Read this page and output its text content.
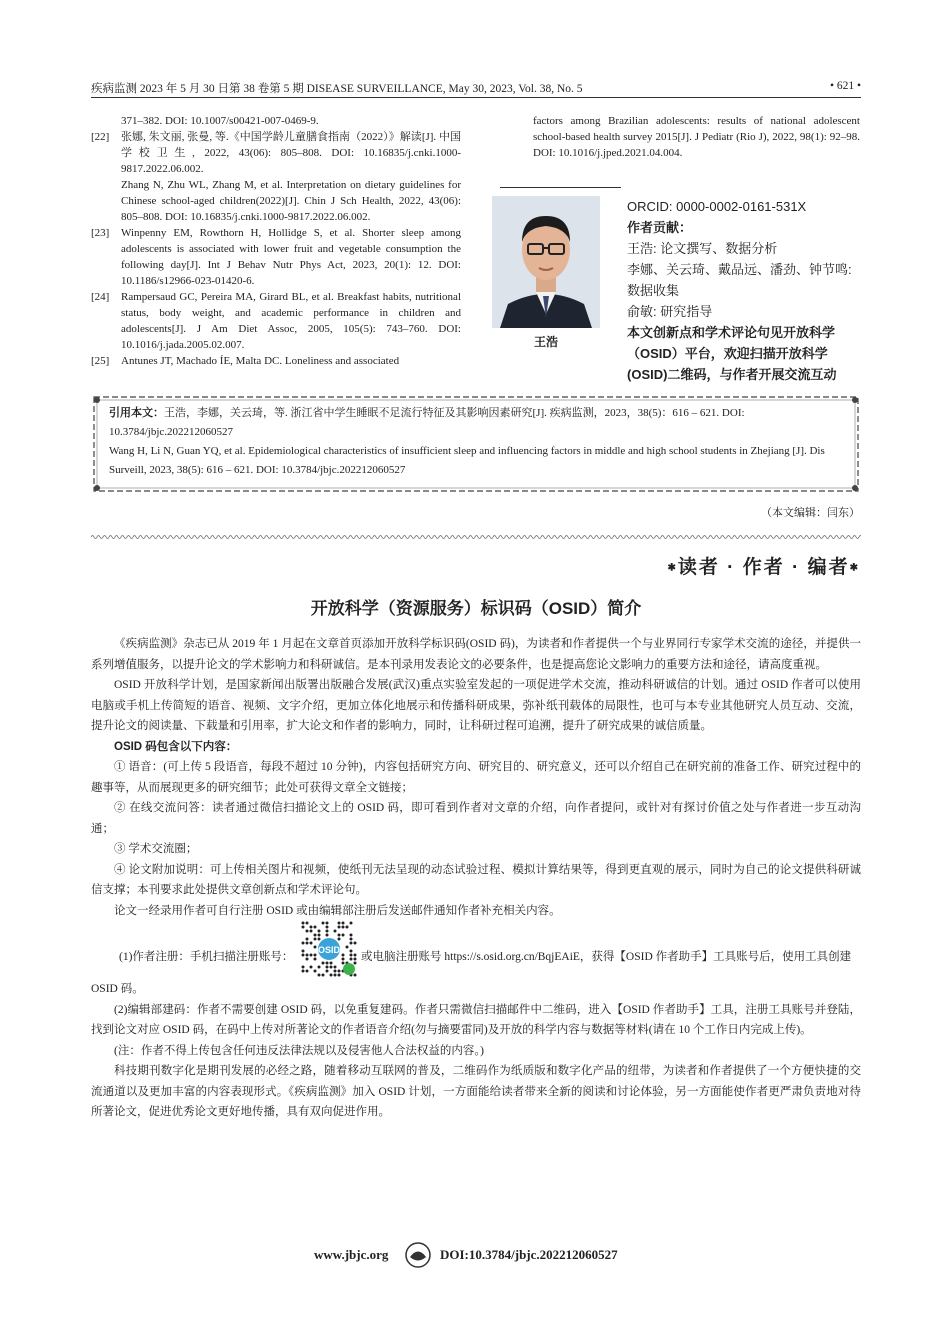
疾病监测 2023 年 5 月 30 日第 38 卷第 5 期 DISEASE SURVEILLANCE, May 30, 2023, Vol. 38, No. 5	• 621 •

371–382. DOI: 10.1007/s00421-007-0469-9.

[22] 张娜, 朱文丽, 张曼, 等.《中国学龄儿童膳食指南（2022）》解读[J]. 中国学校卫生, 2022, 43(06): 805–808. DOI: 10.16835/j.cnki.1000-9817.2022.06.002.

Zhang N, Zhu WL, Zhang M, et al. Interpretation on dietary guidelines for Chinese school-aged children(2022)[J]. Chin J Sch Health, 2022, 43(06): 805–808. DOI: 10.16835/j.cnki.1000-9817.2022.06.002.

[23] Winpenny EM, Rowthorn H, Hollidge S, et al. Shorter sleep among adolescents is associated with lower fruit and vegetable consumption the following day[J]. Int J Behav Nutr Phys Act, 2023, 20(1): 12. DOI: 10.1186/s12966-023-01420-6.

[24] Rampersaud GC, Pereira MA, Girard BL, et al. Breakfast habits, nutritional status, body weight, and academic performance in children and adolescents[J]. J Am Diet Assoc, 2005, 105(5): 743–760. DOI: 10.1016/j.jada.2005.02.007.

[25] Antunes JT, Machado ÍE, Malta DC. Loneliness and associated

factors among Brazilian adolescents: results of national adolescent school-based health survey 2015[J]. J Pediatr (Rio J), 2022, 98(1): 92–98. DOI: 10.1016/j.jped.2021.04.004.

王浩
ORCID: 0000-0002-0161-531X
作者贡献：
王浩: 论文撰写、数据分析
李娜、关云琦、戴品远、潘劲、钟节鸣: 数据收集
俞敏: 研究指导
本文创新点和学术评论句见开放科学（OSID）平台，欢迎扫描开放科学(OSID)二维码，与作者开展交流互动
引用本文：王浩，李娜，关云琦，等. 浙江省中学生睡眠不足流行特征及其影响因素研究[J]. 疾病监测，2023，38(5)：616 – 621. DOI: 10.3784/jbjc.202212060527
Wang H, Li N, Guan YQ, et al. Epidemiological characteristics of insufficient sleep and influencing factors in middle and high school students in Zhejiang [J]. Dis Surveill, 2023, 38(5): 616 – 621. DOI: 10.3784/jbjc.202212060527
（本文编辑：闫东）
✱读者 · 作者 · 编者✱
开放科学（资源服务）标识码（OSID）简介

《疾病监测》杂志已从 2019 年 1 月起在文章首页添加开放科学标识码(OSID 码)，为读者和作者提供一个与业界同行专家学术交流的途径，并提供一系列增值服务，以提升论文的学术影响力和科研诚信。是本刊录用发表论文的必要条件，也是提高您论文影响力的重要方法和途径，请高度重视。

OSID 开放科学计划，是国家新闻出版署出版融合发展(武汉)重点实验室发起的一项促进学术交流，推动科研诚信的计划。通过 OSID 作者可以使用电脑或手机上传简短的语音、视频、文字介绍，更加立体化地展示和传播科研成果，弥补纸刊载体的局限性，也可与本专业其他研究人员互动、交流，提升论文的阅读量、下载量和引用率，扩大论文和作者的影响力，同时，让科研过程可追溯，提升了研究成果的诚信质量。

OSID 码包含以下内容：

① 语音：(可上传 5 段语音，每段不超过 10 分钟)，内容包括研究方向、研究目的、研究意义，还可以介绍自己在研究前的准备工作、研究过程中的趣事等，从而展现更多的研究细节；此处可获得文章全文链接；

② 在线交流问答：读者通过微信扫描论文上的 OSID 码，即可看到作者对文章的介绍，向作者提问，或针对有探讨价值之处与作者进一步互动沟通；

③ 学术交流圈；

④ 论文附加说明：可上传相关图片和视频，使纸刊无法呈现的动态试验过程、模拟计算结果等，得到更直观的展示，同时为自己的论文提供科研诚信支撑；本刊要求此处提供文章创新点和学术评论句。

论文一经录用作者可自行注册 OSID 或由编辑部注册后发送邮件通知作者补充相关内容。

(1)作者注册：手机扫描注册账号：
OSID
或电脑注册账号 https://s.osid.org.cn/BqjEAiE，获得【OSID 作者助手】工具账号后，使用工具创建

OSID 码。

(2)编辑部建码：作者不需要创建 OSID 码，以免重复建码。作者只需微信扫描邮件中二维码，进入【OSID 作者助手】工具，注册工具账号并登陆，找到论文对应 OSID 码，在码中上传对所著论文的作者语音介绍(勿与摘要雷同)及开放的科学内容与数据等材料(请在 10 个工作日内完成上传)。

(注：作者不得上传包含任何违反法律法规以及侵害他人合法权益的内容。)

科技期刊数字化是期刊发展的必经之路，随着移动互联网的普及，二维码作为纸质版和数字化产品的纽带，为读者和作者提供了一个方便快捷的交流通道以及更加丰富的内容表现形式。《疾病监测》加入 OSID 计划，一方面能给读者带来全新的阅读和讨论体验，另一方面能使作者更严肃负责地对待所著论文，促进优秀论文更好地传播，具有双向促进作用。

www.jbjc.org	DOI:10.3784/jbjc.202212060527
